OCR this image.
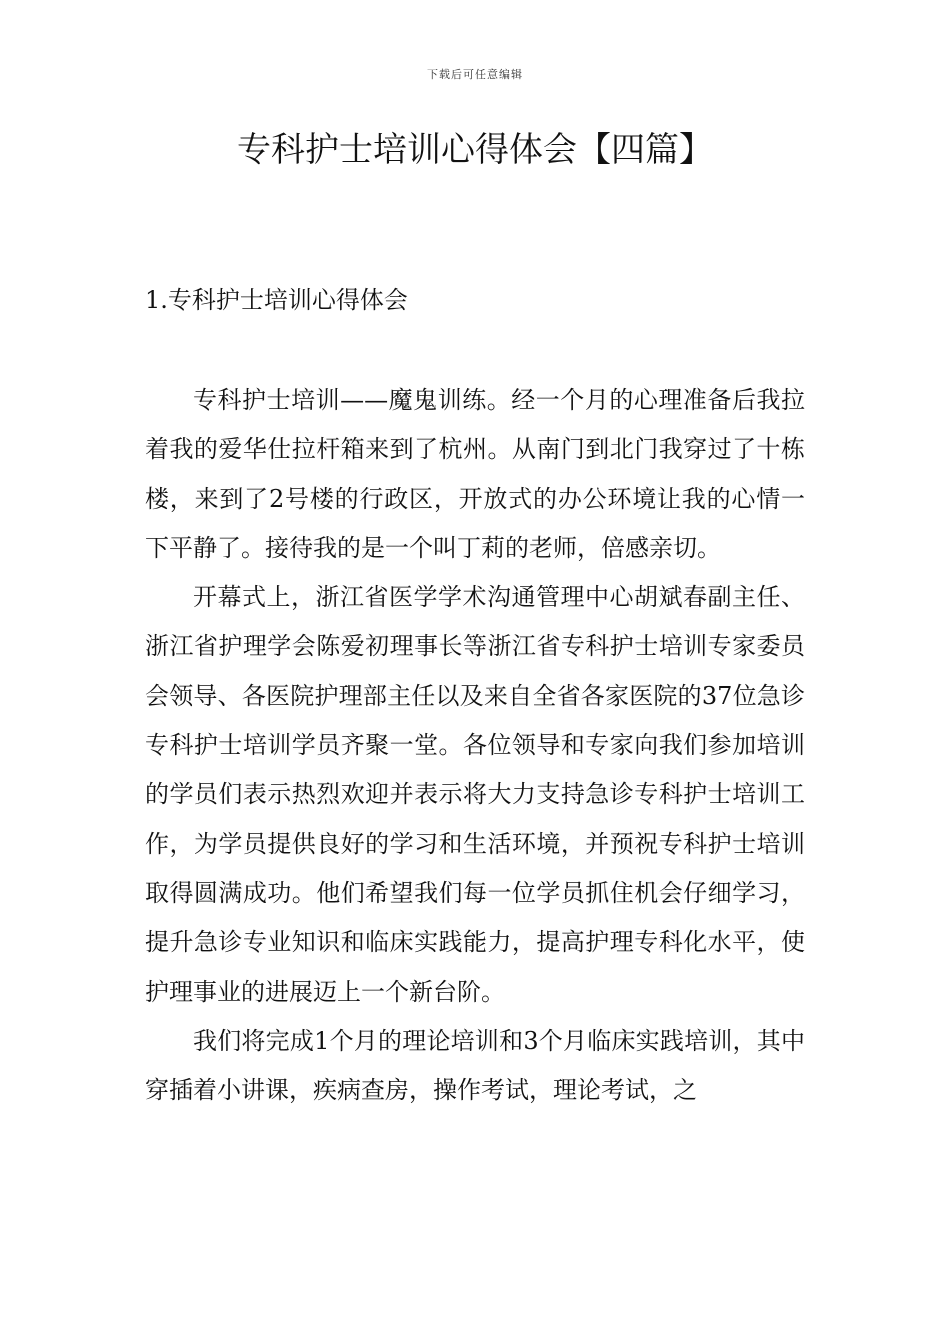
下载后可任意编辑
专科护士培训心得体会【四篇】
1.专科护士培训心得体会

专科护士培训——魔鬼训练。经一个月的心理准备后我拉着我的爱华仕拉杆箱来到了杭州。从南门到北门我穿过了十栋楼，来到了2号楼的行政区，开放式的办公环境让我的心情一下平静了。接待我的是一个叫丁莉的老师，倍感亲切。

开幕式上，浙江省医学学术沟通管理中心胡斌春副主任、浙江省护理学会陈爱初理事长等浙江省专科护士培训专家委员会领导、各医院护理部主任以及来自全省各家医院的37位急诊专科护士培训学员齐聚一堂。各位领导和专家向我们参加培训的学员们表示热烈欢迎并表示将大力支持急诊专科护士培训工作，为学员提供良好的学习和生活环境，并预祝专科护士培训取得圆满成功。他们希望我们每一位学员抓住机会仔细学习，提升急诊专业知识和临床实践能力，提高护理专科化水平，使护理事业的进展迈上一个新台阶。

我们将完成1个月的理论培训和3个月临床实践培训，其中穿插着小讲课，疾病查房，操作考试，理论考试，之
